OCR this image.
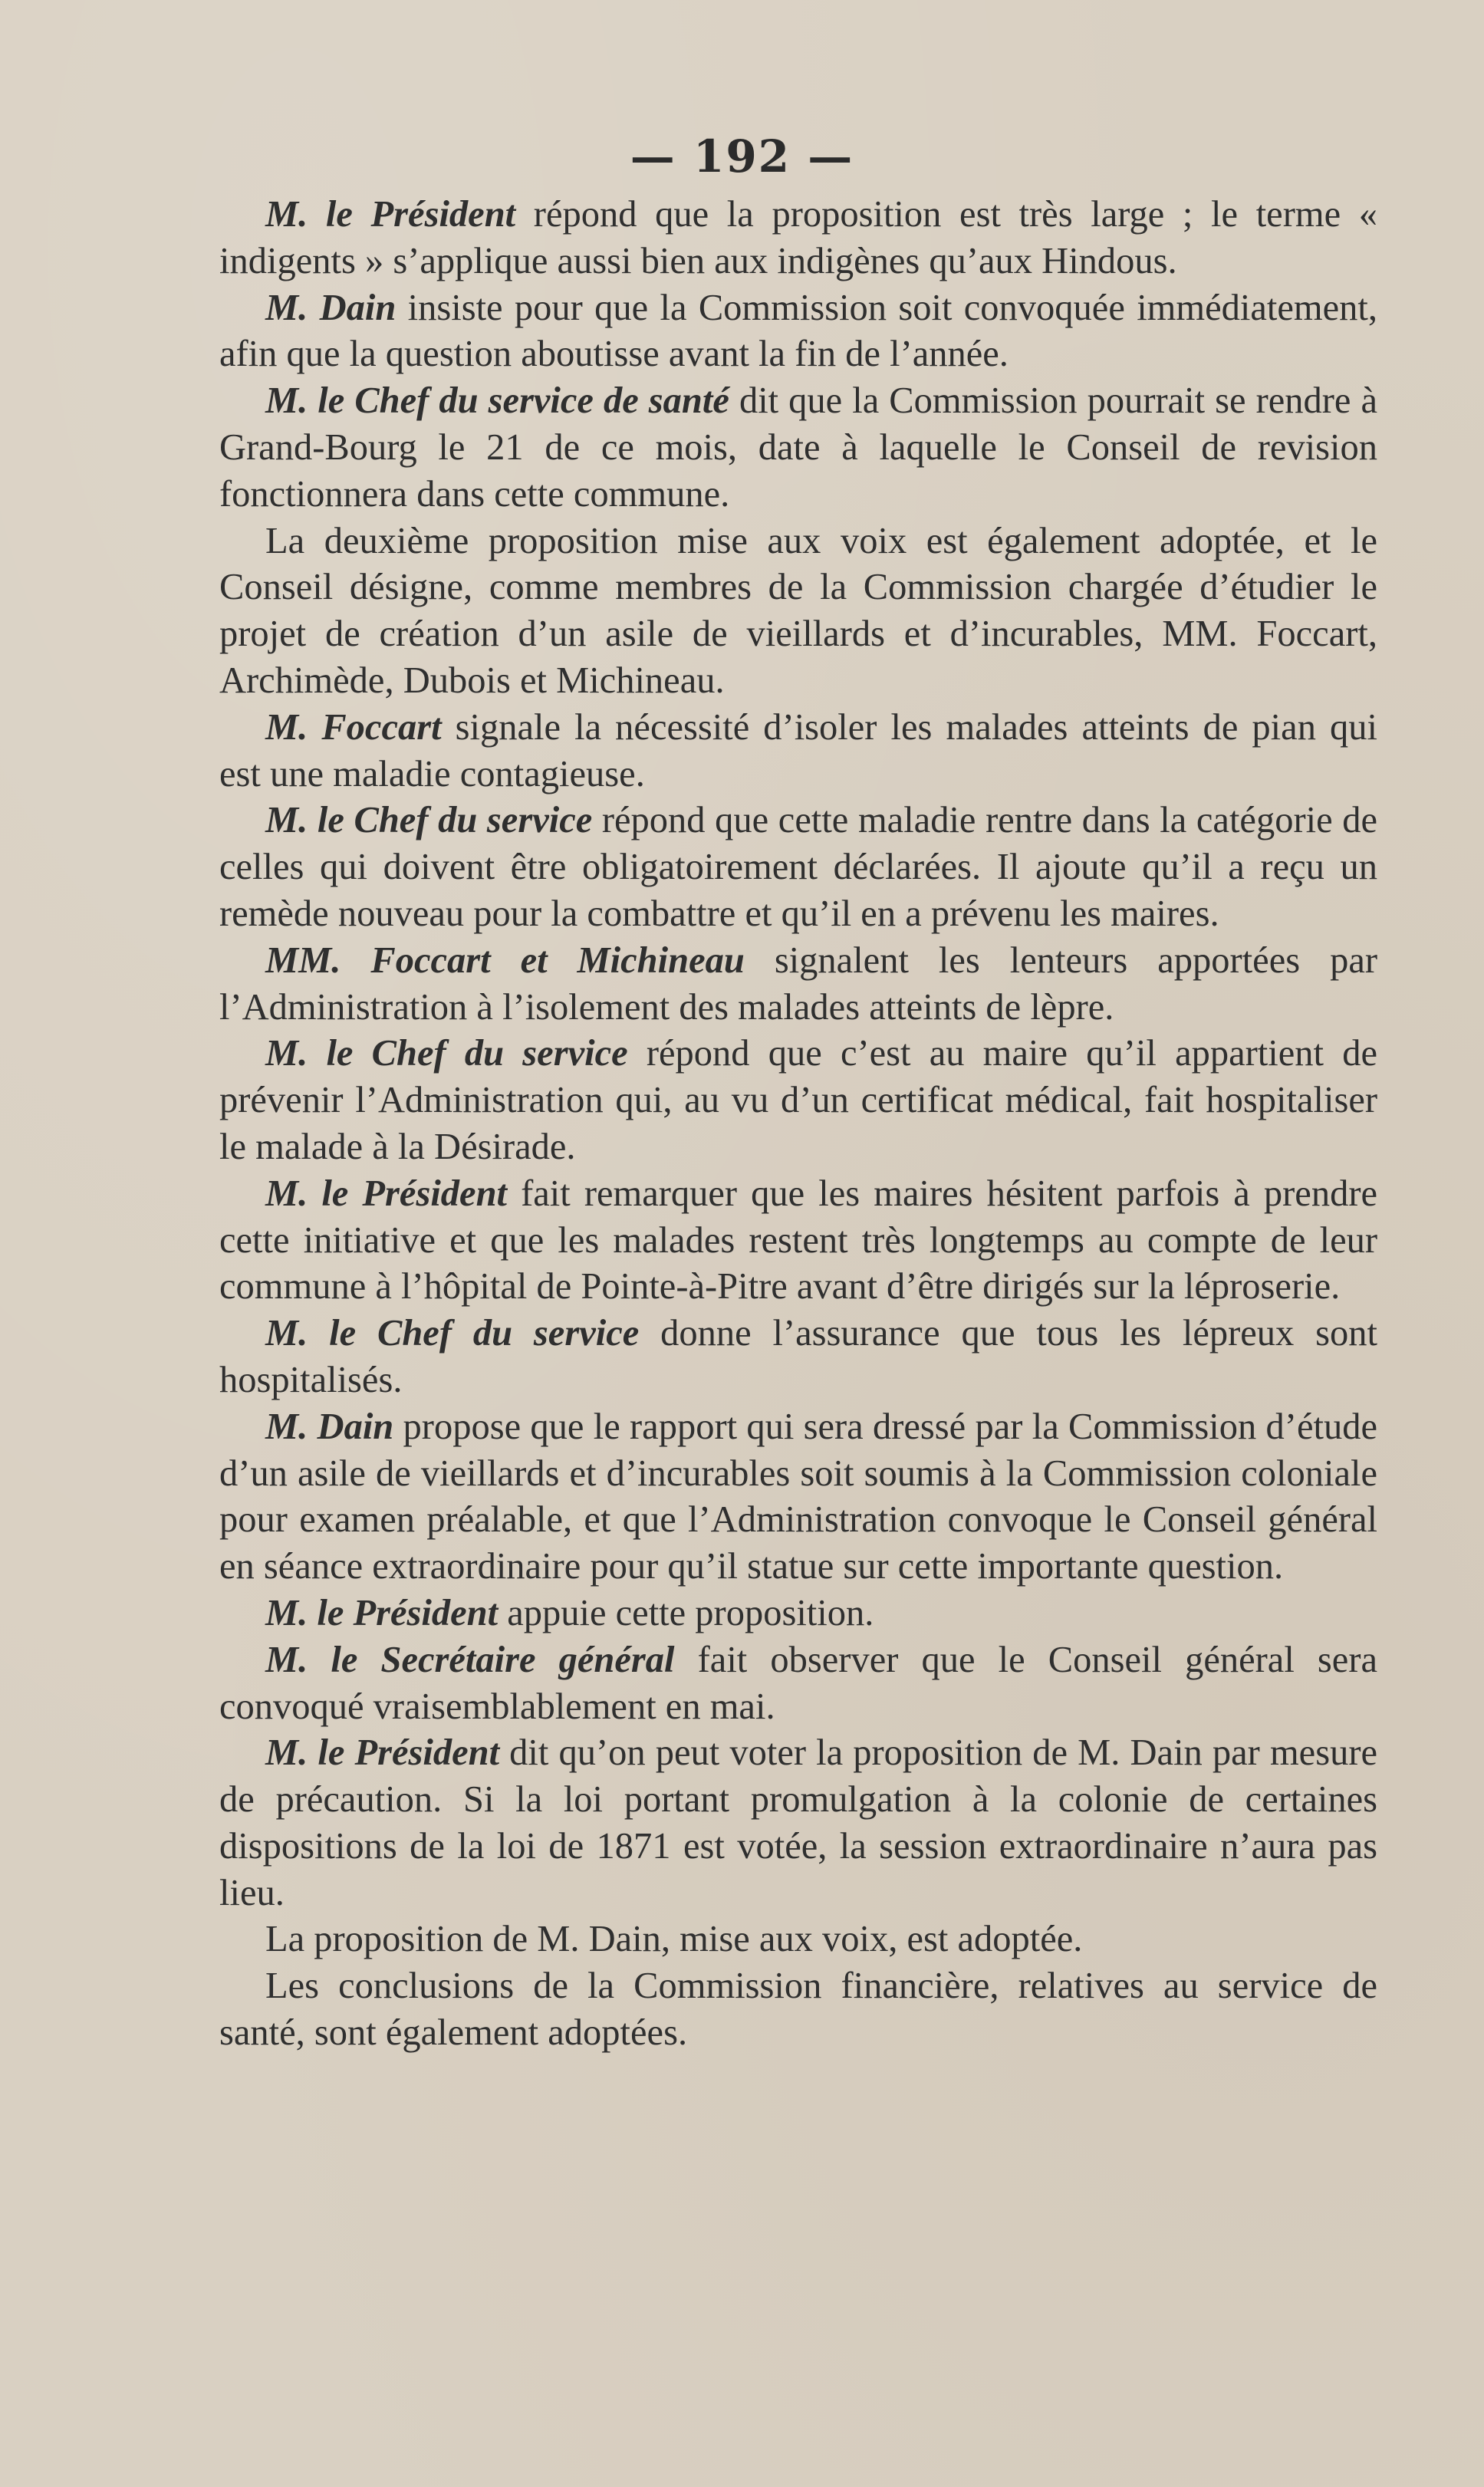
— 192 —

M. le Président répond que la proposition est très large ; le terme « indigents » s’applique aussi bien aux indigènes qu’aux Hindous.

M. Dain insiste pour que la Commission soit convoquée immédiatement, afin que la question aboutisse avant la fin de l’année.

M. le Chef du service de santé dit que la Commission pourrait se rendre à Grand-Bourg le 21 de ce mois, date à laquelle le Conseil de revision fonctionnera dans cette commune.

La deuxième proposition mise aux voix est également adoptée, et le Conseil désigne, comme membres de la Commission chargée d’étudier le projet de création d’un asile de vieillards et d’incurables, MM. Foccart, Archimède, Dubois et Michineau.

M. Foccart signale la nécessité d’isoler les malades atteints de pian qui est une maladie contagieuse.

M. le Chef du service répond que cette maladie rentre dans la catégorie de celles qui doivent être obligatoirement déclarées. Il ajoute qu’il a reçu un remède nouveau pour la combattre et qu’il en a prévenu les maires.

MM. Foccart et Michineau signalent les lenteurs apportées par l’Administration à l’isolement des malades atteints de lèpre.

M. le Chef du service répond que c’est au maire qu’il appartient de prévenir l’Administration qui, au vu d’un certificat médical, fait hospitaliser le malade à la Désirade.

M. le Président fait remarquer que les maires hésitent parfois à prendre cette initiative et que les malades restent très longtemps au compte de leur commune à l’hôpital de Pointe-à-Pitre avant d’être dirigés sur la léproserie.

M. le Chef du service donne l’assurance que tous les lépreux sont hospitalisés.

M. Dain propose que le rapport qui sera dressé par la Commission d’étude d’un asile de vieillards et d’incurables soit soumis à la Commission coloniale pour examen préalable, et que l’Administration convoque le Conseil général en séance extraordinaire pour qu’il statue sur cette importante question.

M. le Président appuie cette proposition.

M. le Secrétaire général fait observer que le Conseil général sera convoqué vraisemblablement en mai.

M. le Président dit qu’on peut voter la proposition de M. Dain par mesure de précaution. Si la loi portant promulgation à la colonie de certaines dispositions de la loi de 1871 est votée, la session extraordinaire n’aura pas lieu.

La proposition de M. Dain, mise aux voix, est adoptée.

Les conclusions de la Commission financière, relatives au service de santé, sont également adoptées.
